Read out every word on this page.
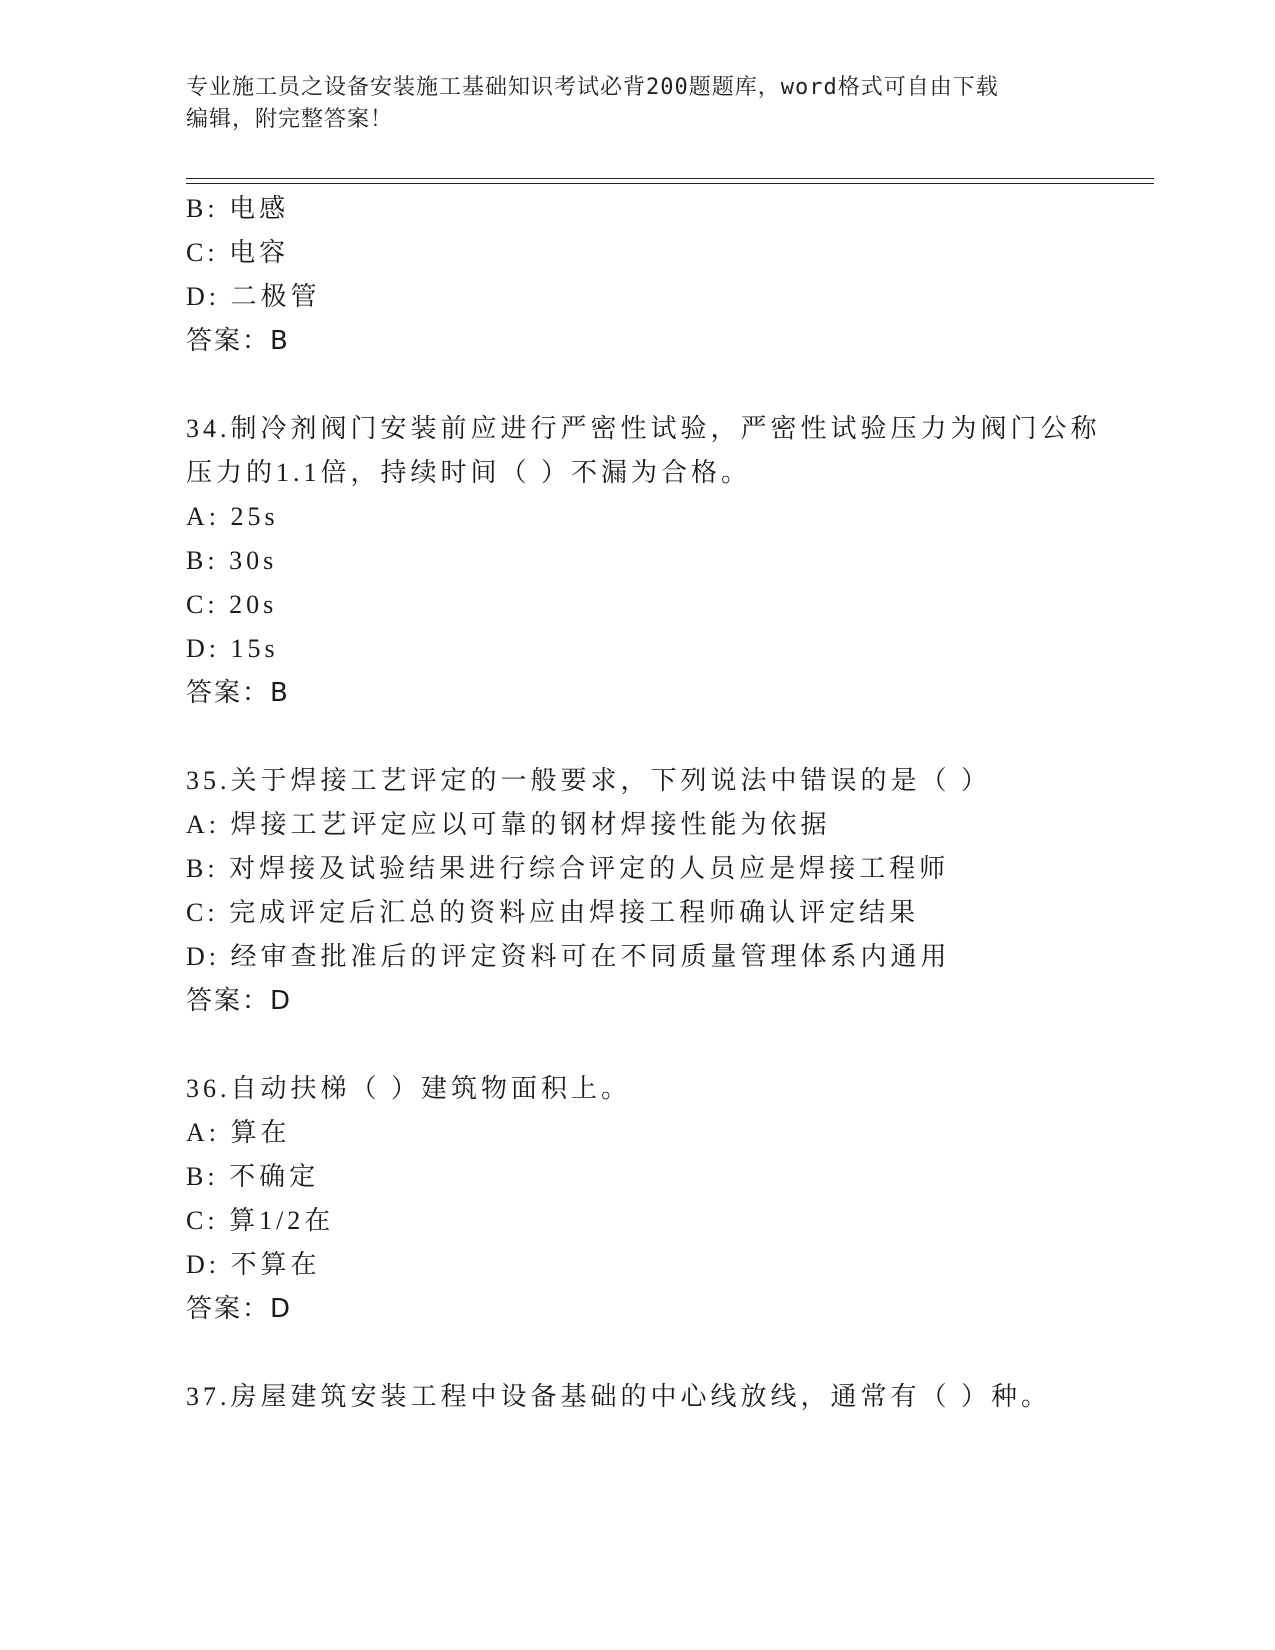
专业施工员之设备安装施工基础知识考试必背200题题库，word格式可自由下载
编辑，附完整答案！
B: 电感
C: 电容
D: 二极管
答案：B
34.制冷剂阀门安装前应进行严密性试验，严密性试验压力为阀门公称
压力的1.1倍，持续时间（ ）不漏为合格。
A: 25s
B: 30s
C: 20s
D: 15s
答案：B
35.关于焊接工艺评定的一般要求，下列说法中错误的是（ ）
A: 焊接工艺评定应以可靠的钢材焊接性能为依据
B: 对焊接及试验结果进行综合评定的人员应是焊接工程师
C: 完成评定后汇总的资料应由焊接工程师确认评定结果
D: 经审查批准后的评定资料可在不同质量管理体系内通用
答案：D
36.自动扶梯（ ）建筑物面积上。
A: 算在
B: 不确定
C: 算1/2在
D: 不算在
答案：D
37.房屋建筑安装工程中设备基础的中心线放线，通常有（ ）种。
